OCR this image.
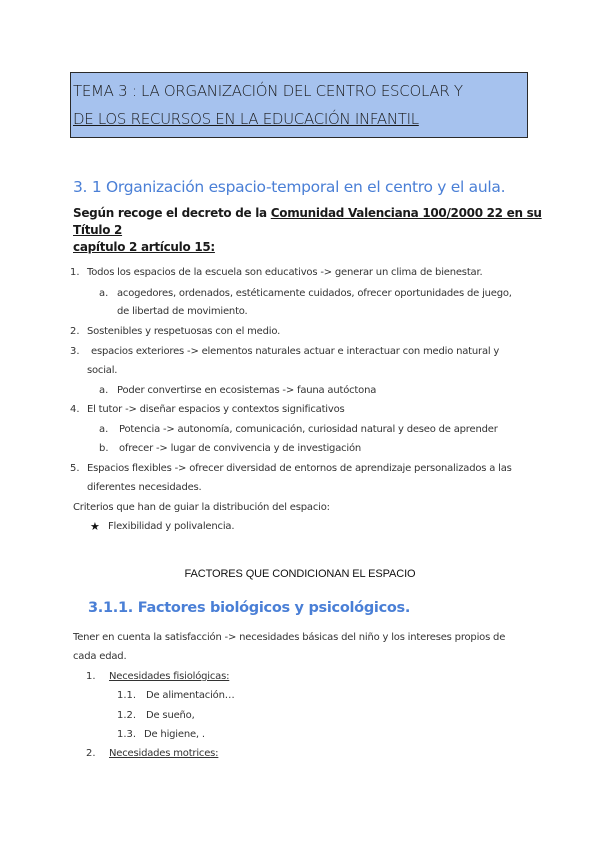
TEMA 3 : LA ORGANIZACIÓN DEL CENTRO ESCOLAR Y
DE LOS RECURSOS EN LA EDUCACIÓN INFANTIL
3. 1 Organización espacio-temporal en el centro y el aula.
Según recoge el decreto de la Comunidad Valenciana 100/2000 22 en su Título 2
capítulo 2 artículo 15:
1. Todos los espacios de la escuela son educativos -> generar un clima de bienestar.
a. acogedores, ordenados, estéticamente cuidados, ofrecer oportunidades de juego,
de libertad de movimiento.
2. Sostenibles y respetuosas con el medio.
3. espacios exteriores -> elementos naturales actuar e interactuar con medio natural y
social.
a. Poder convertirse en ecosistemas -> fauna autóctona
4. El tutor -> diseñar espacios y contextos significativos
a. Potencia -> autonomía, comunicación, curiosidad natural y deseo de aprender
b. ofrecer -> lugar de convivencia y de investigación
5. Espacios flexibles -> ofrecer diversidad de entornos de aprendizaje personalizados a las
diferentes necesidades.
Criterios que han de guiar la distribución del espacio:
★ Flexibilidad y polivalencia.
FACTORES QUE CONDICIONAN EL ESPACIO
3.1.1. Factores biológicos y psicológicos.
Tener en cuenta la satisfacción -> necesidades básicas del niño y los intereses propios de
cada edad.
1. Necesidades fisiológicas:
1.1. De alimentación…
1.2. De sueño,
1.3. De higiene, .
2. Necesidades motrices:
